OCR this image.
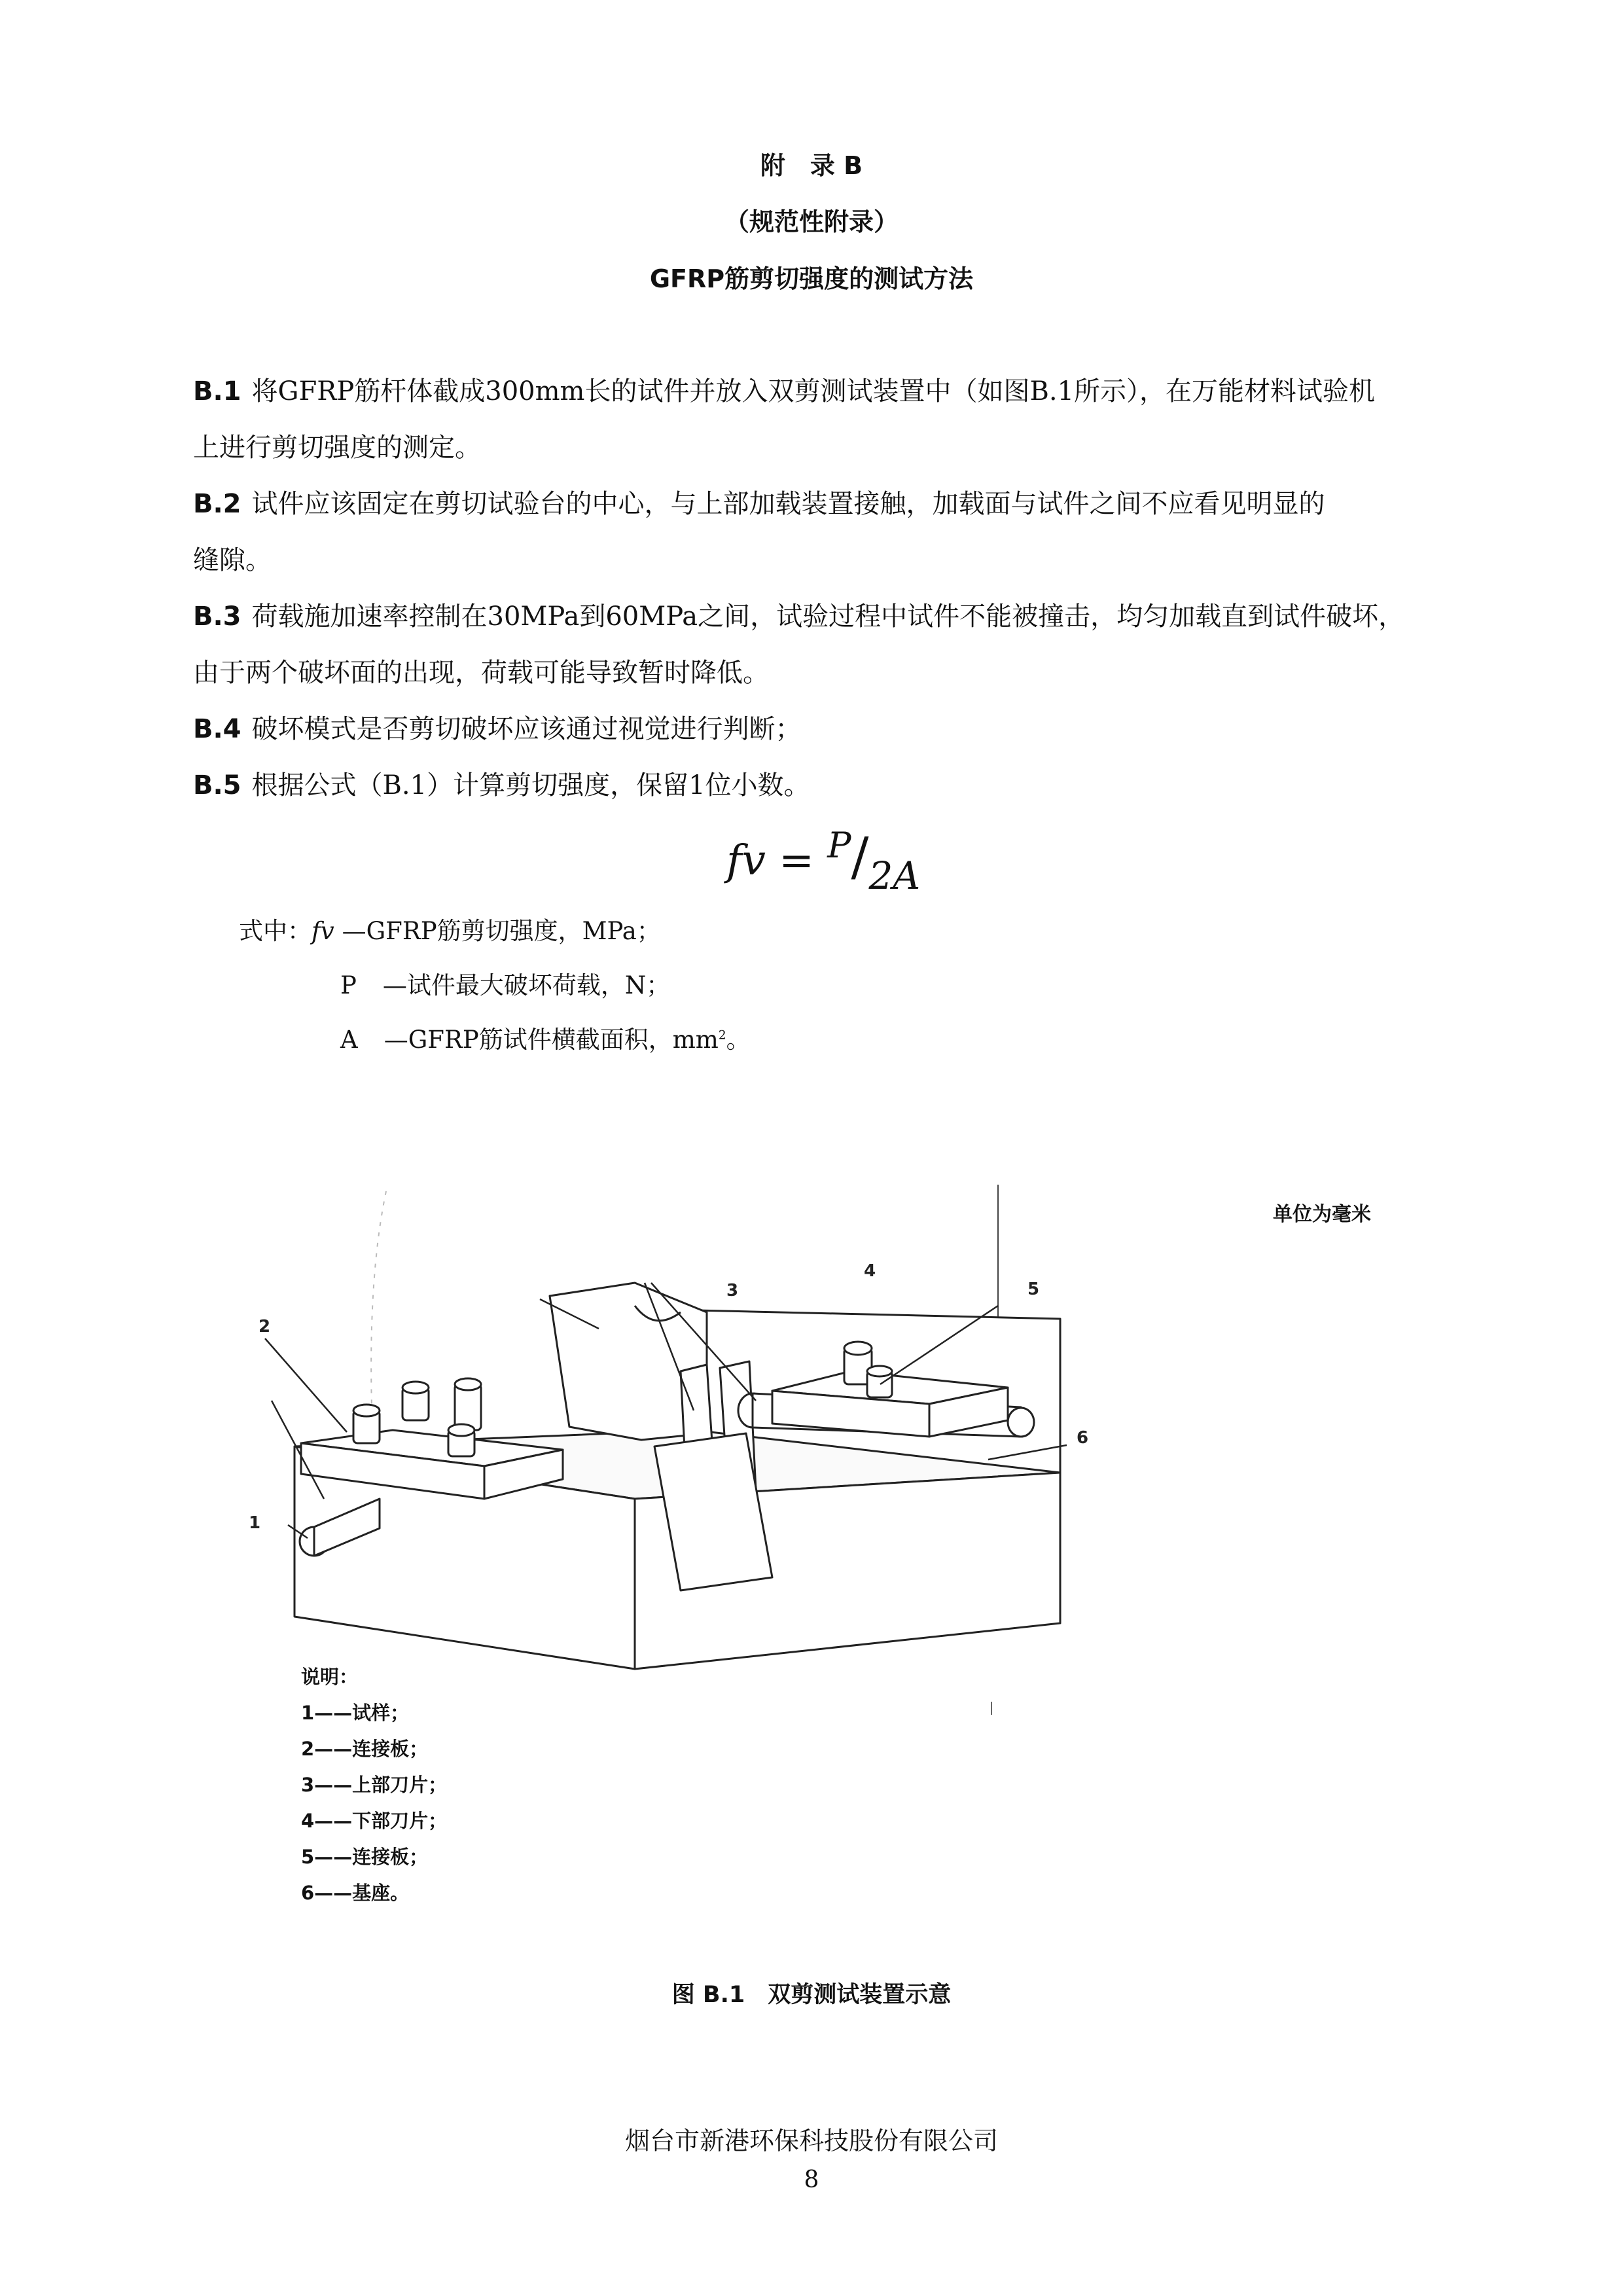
附　录 B
（规范性附录）
GFRP筋剪切强度的测试方法
B.1 将GFRP筋杆体截成300mm长的试件并放入双剪测试装置中（如图B.1所示），在万能材料试验机
上进行剪切强度的测定。
B.2 试件应该固定在剪切试验台的中心，与上部加载装置接触，加载面与试件之间不应看见明显的
缝隙。
B.3 荷载施加速率控制在30MPa到60MPa之间，试验过程中试件不能被撞击，均匀加载直到试件破坏，
由于两个破坏面的出现，荷载可能导致暂时降低。
B.4 破坏模式是否剪切破坏应该通过视觉进行判断；
B.5 根据公式（B.1）计算剪切强度，保留1位小数。
fv = $^P$/2A
式中：fv —GFRP筋剪切强度，MPa；
P —试件最大破坏荷载，N；
A —GFRP筋试件横截面积，$mm^2$。
1
2
3
4
5
6
单位为毫米
说明：
1——试样；
2——连接板；
3——上部刀片；
4——下部刀片；
5——连接板；
6——基座。
图 B.1　双剪测试装置示意
烟台市新港环保科技股份有限公司
8
